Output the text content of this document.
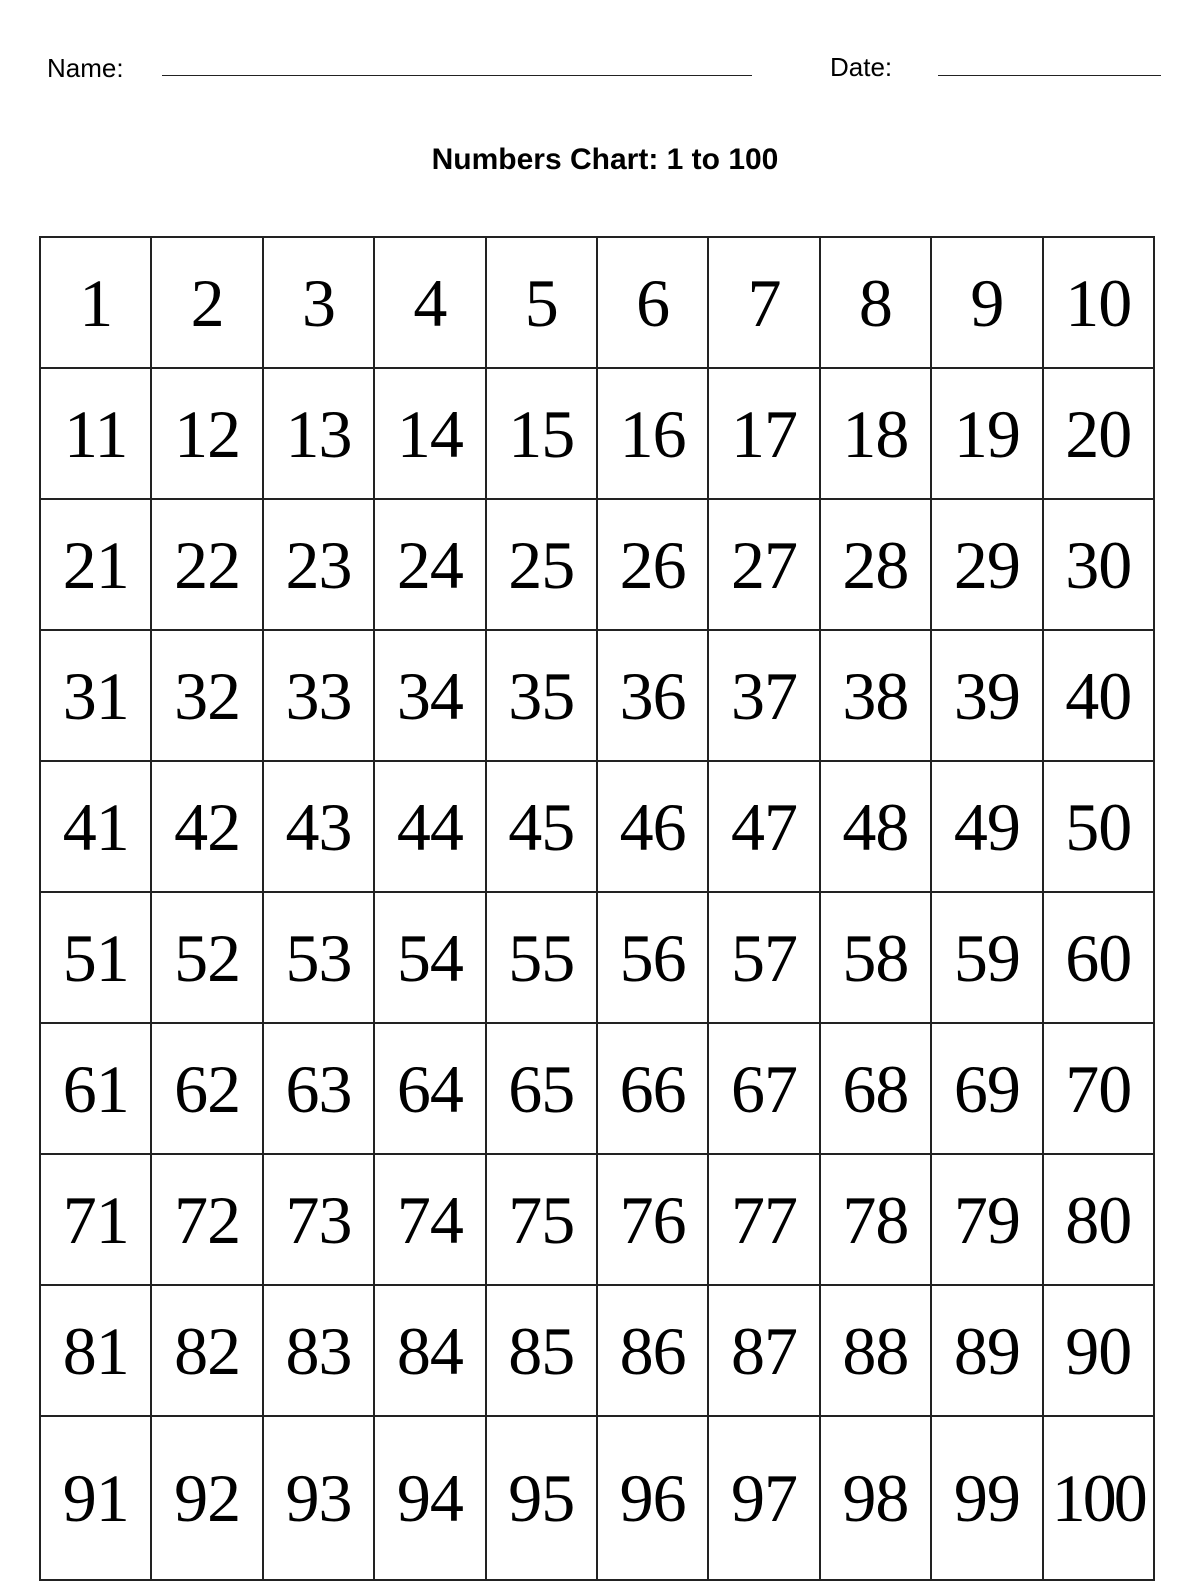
Name:	Date:
Numbers Chart: 1 to 100
1	2	3	4	5	6	7	8	9	10
11	12	13	14	15	16	17	18	19	20
21	22	23	24	25	26	27	28	29	30
31	32	33	34	35	36	37	38	39	40
41	42	43	44	45	46	47	48	49	50
51	52	53	54	55	56	57	58	59	60
61	62	63	64	65	66	67	68	69	70
71	72	73	74	75	76	77	78	79	80
81	82	83	84	85	86	87	88	89	90
91	92	93	94	95	96	97	98	99	100
